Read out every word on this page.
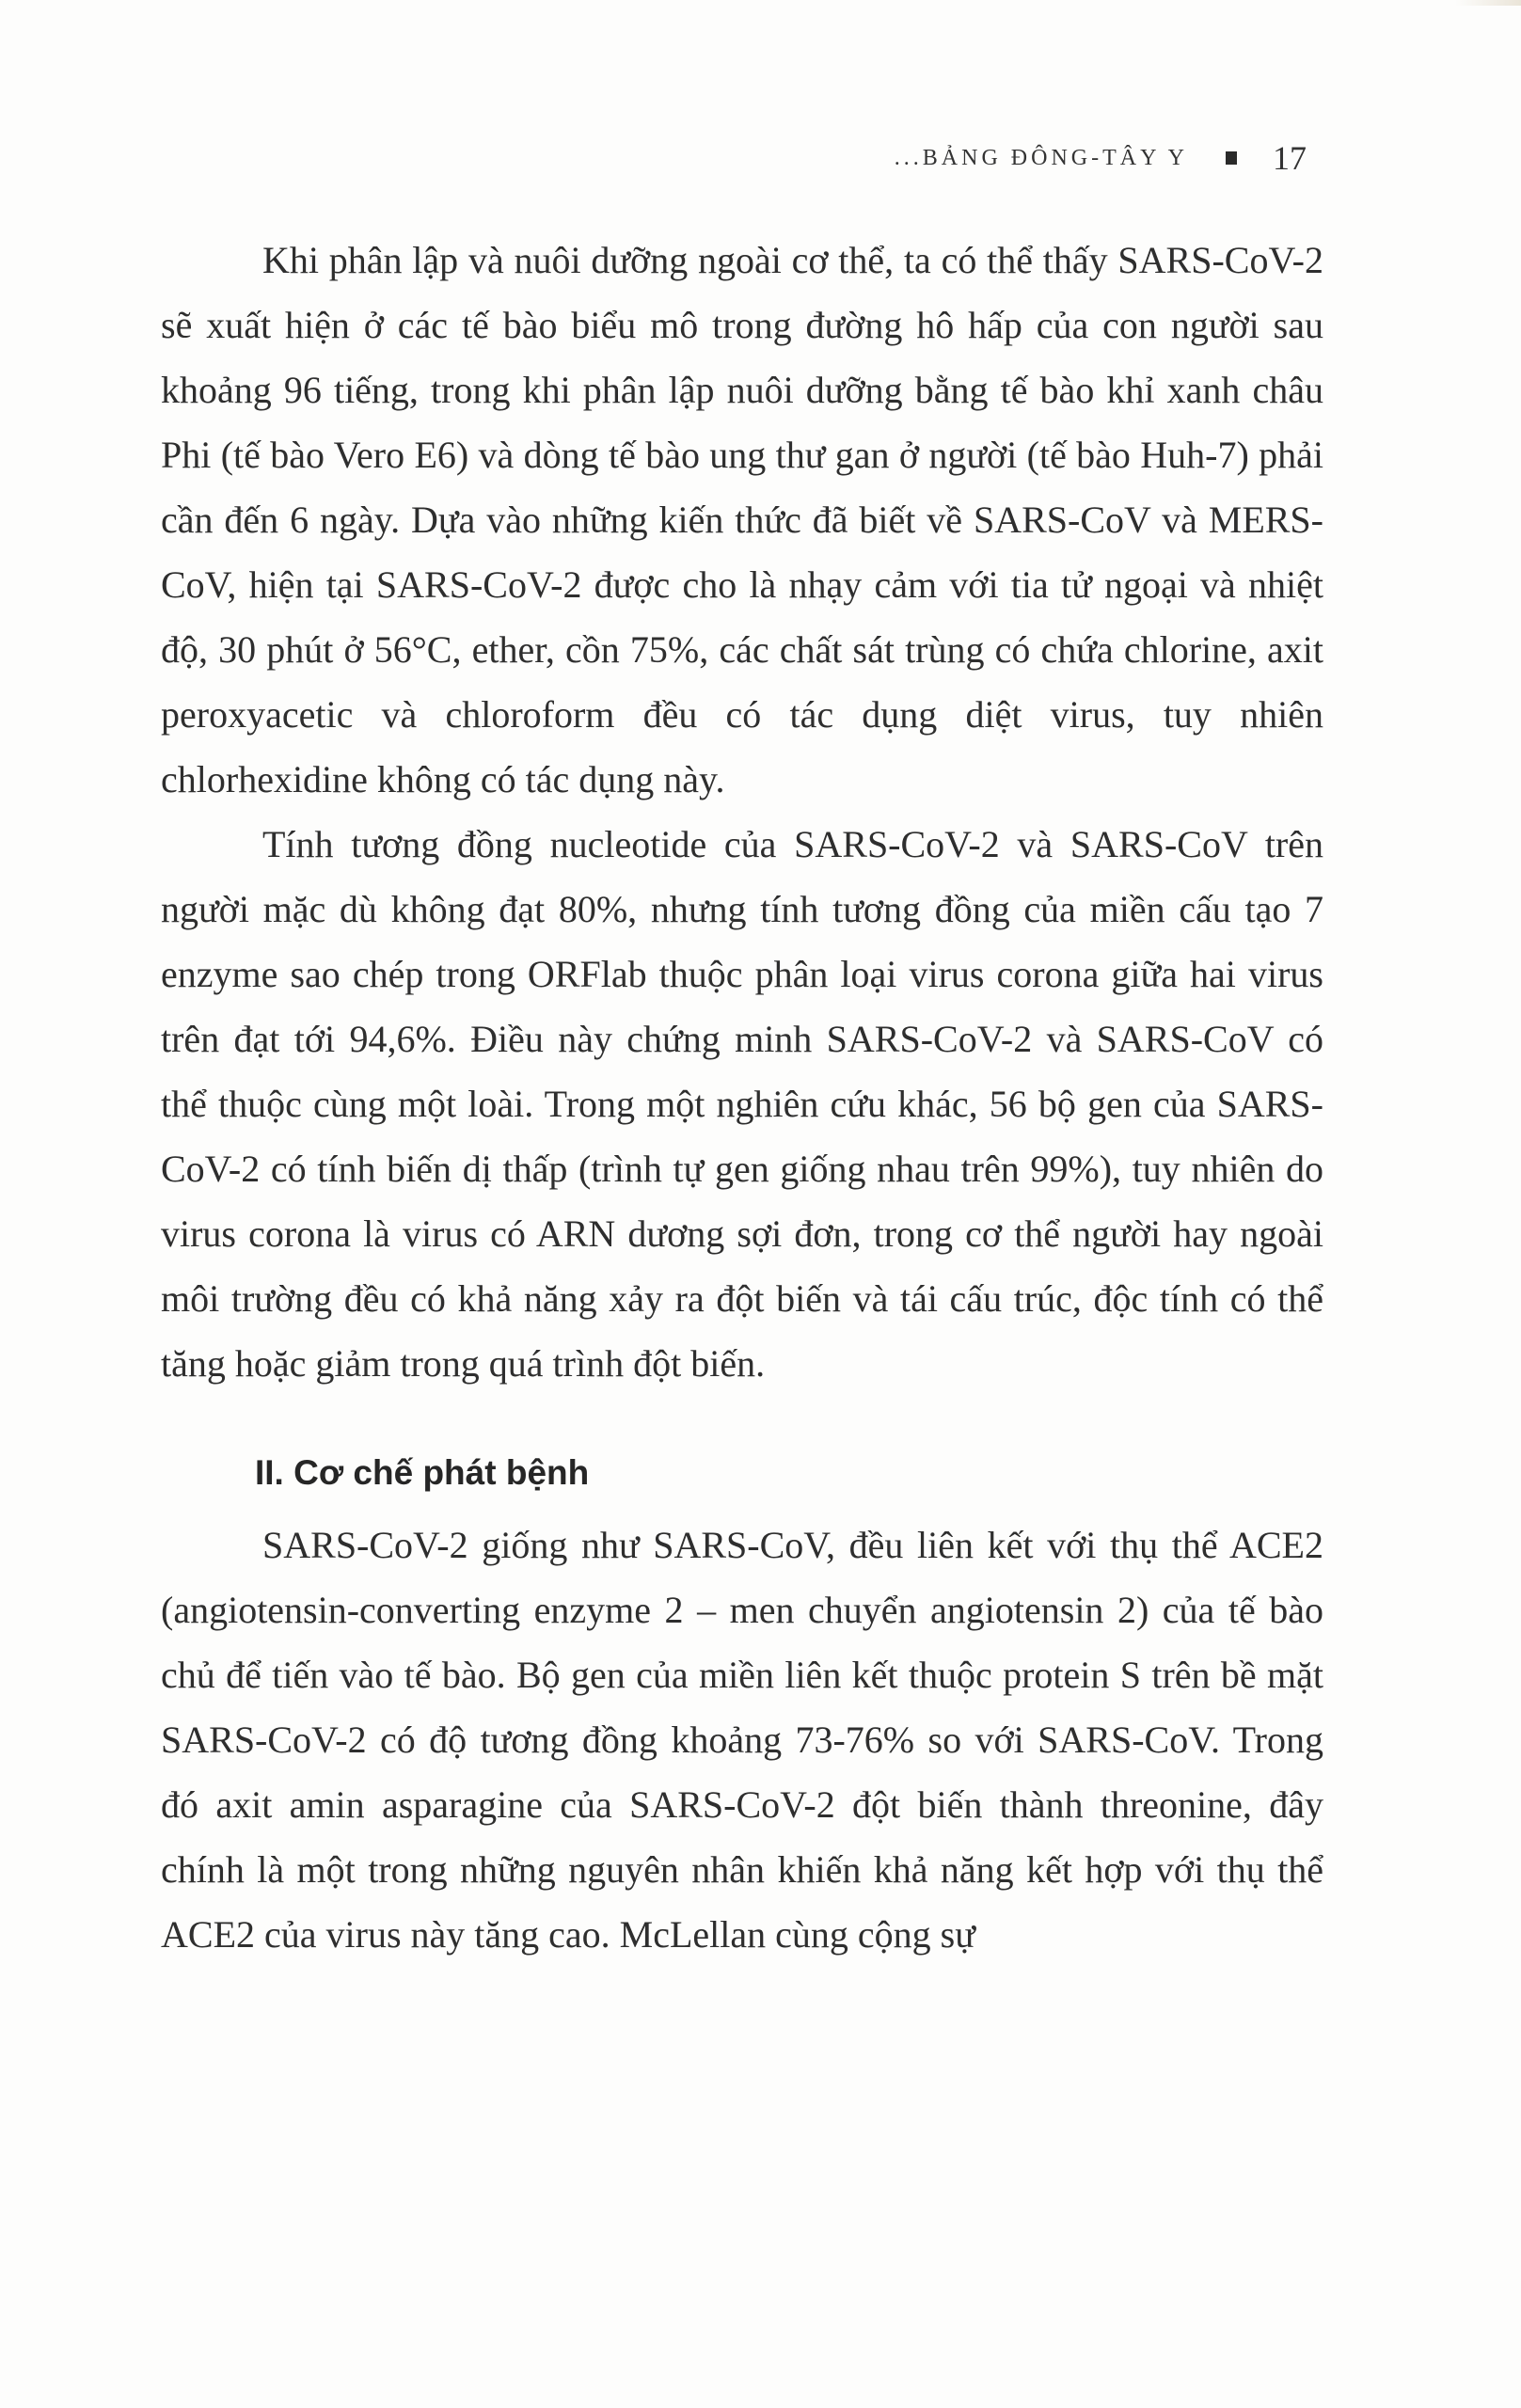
...BẢNG ĐÔNG-TÂY Y	17

Khi phân lập và nuôi dưỡng ngoài cơ thể, ta có thể thấy SARS-CoV-2 sẽ xuất hiện ở các tế bào biểu mô trong đường hô hấp của con người sau khoảng 96 tiếng, trong khi phân lập nuôi dưỡng bằng tế bào khỉ xanh châu Phi (tế bào Vero E6) và dòng tế bào ung thư gan ở người (tế bào Huh-7) phải cần đến 6 ngày. Dựa vào những kiến thức đã biết về SARS-CoV và MERS-CoV, hiện tại SARS-CoV-2 được cho là nhạy cảm với tia tử ngoại và nhiệt độ, 30 phút ở 56°C, ether, cồn 75%, các chất sát trùng có chứa chlorine, axit peroxyacetic và chloroform đều có tác dụng diệt virus, tuy nhiên chlorhexidine không có tác dụng này.

Tính tương đồng nucleotide của SARS-CoV-2 và SARS-CoV trên người mặc dù không đạt 80%, nhưng tính tương đồng của miền cấu tạo 7 enzyme sao chép trong ORFlab thuộc phân loại virus corona giữa hai virus trên đạt tới 94,6%. Điều này chứng minh SARS-CoV-2 và SARS-CoV có thể thuộc cùng một loài. Trong một nghiên cứu khác, 56 bộ gen của SARS-CoV-2 có tính biến dị thấp (trình tự gen giống nhau trên 99%), tuy nhiên do virus corona là virus có ARN dương sợi đơn, trong cơ thể người hay ngoài môi trường đều có khả năng xảy ra đột biến và tái cấu trúc, độc tính có thể tăng hoặc giảm trong quá trình đột biến.

II. Cơ chế phát bệnh

SARS-CoV-2 giống như SARS-CoV, đều liên kết với thụ thể ACE2 (angiotensin-converting enzyme 2 – men chuyển angiotensin 2) của tế bào chủ để tiến vào tế bào. Bộ gen của miền liên kết thuộc protein S trên bề mặt SARS-CoV-2 có độ tương đồng khoảng 73-76% so với SARS-CoV. Trong đó axit amin asparagine của SARS-CoV-2 đột biến thành threonine, đây chính là một trong những nguyên nhân khiến khả năng kết hợp với thụ thể ACE2 của virus này tăng cao. McLellan cùng cộng sự
